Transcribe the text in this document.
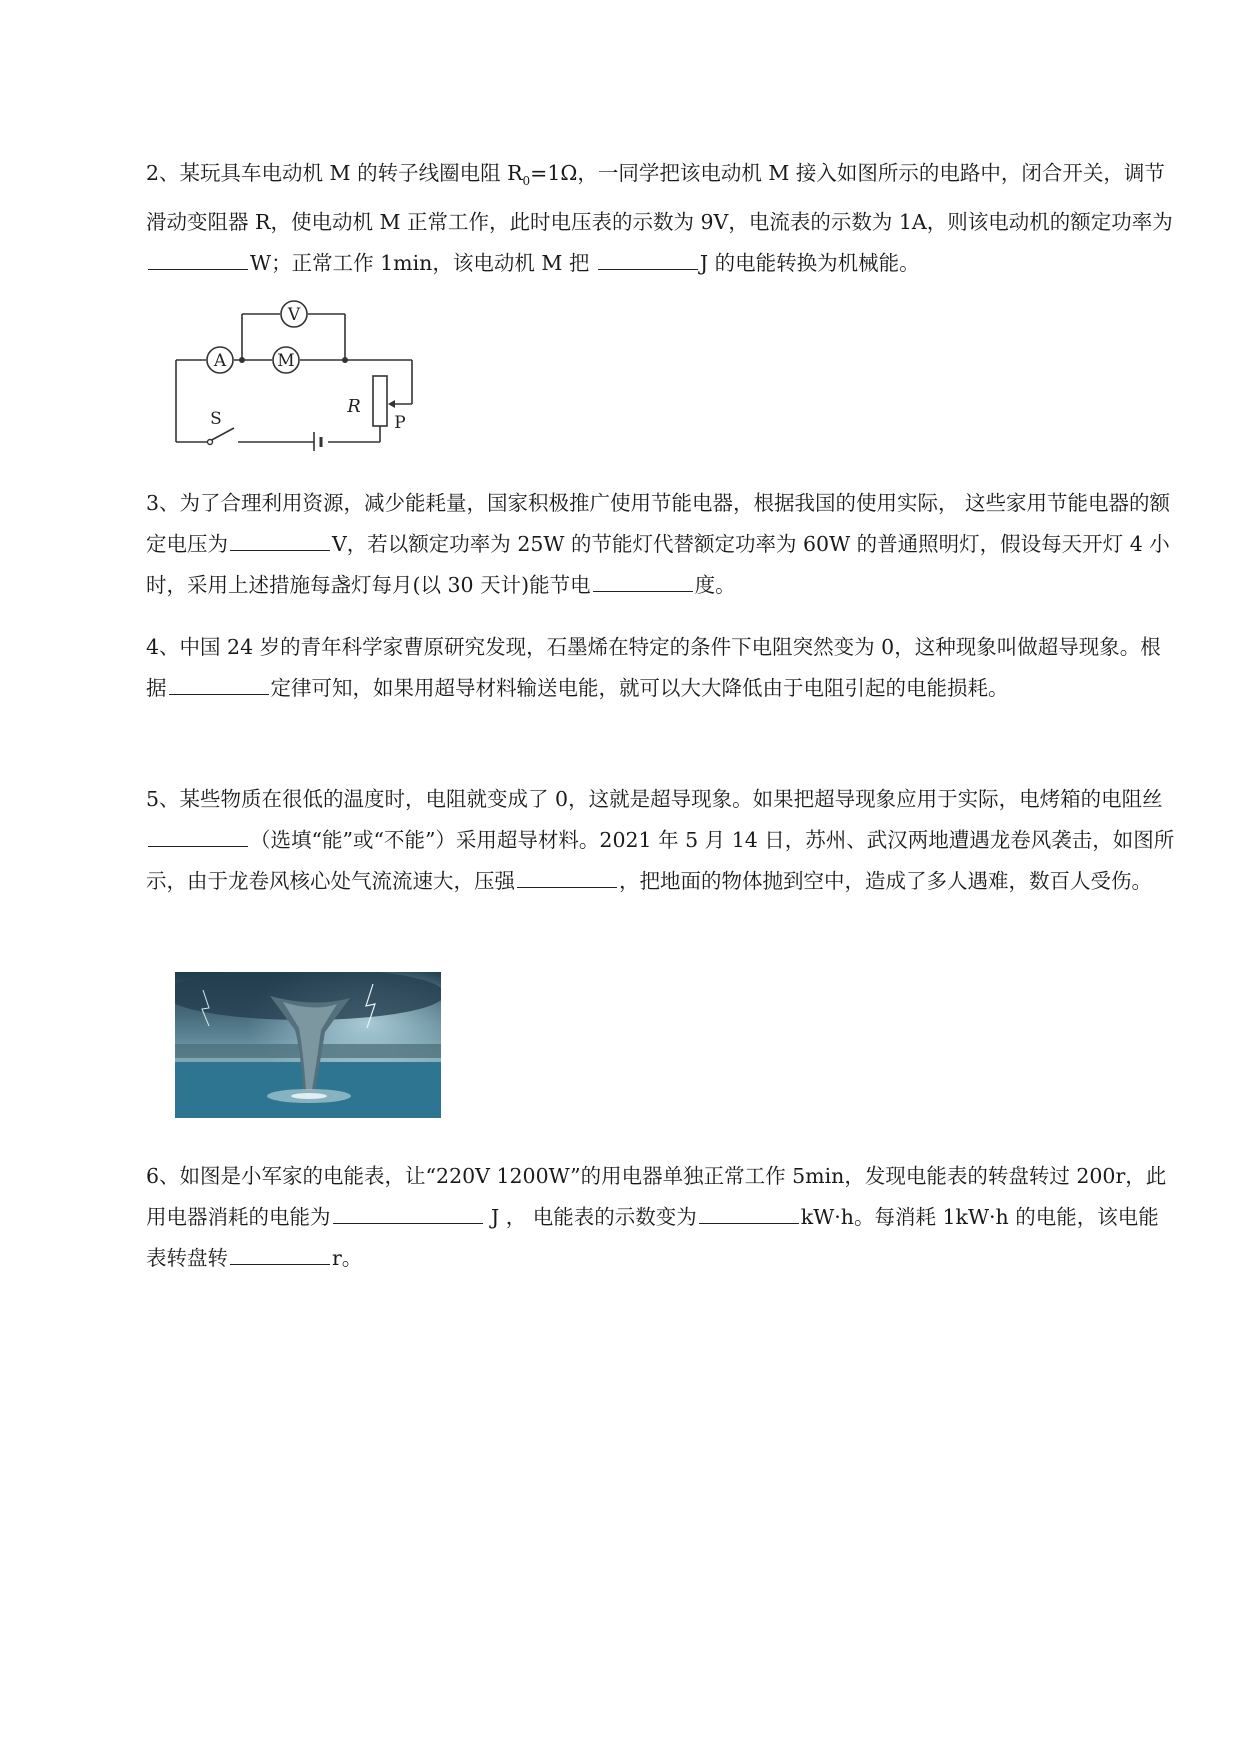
2、某玩具车电动机 M 的转子线圈电阻 $R_0=1\Omega$，一同学把该电动机 M 接入如图所示的电路中，闭合开关，调节滑动变阻器 R，使电动机 M 正常工作，此时电压表的示数为 9V，电流表的示数为 1A，则该电动机的额定功率为 W；正常工作 1min，该电动机 M 把	J 的电能转换为机械能。

A	M
V
R
P
S

3、为了合理利用资源，减少能耗量，国家积极推广使用节能电器，根据我国的使用实际， 这些家用节能电器的额定电压为	V，若以额定功率为 25W 的节能灯代替额定功率为 60W 的普通照明灯，假设每天开灯 4 小时，采用上述措施每盏灯每月(以 30 天计)能节电	度。

4、中国 24 岁的青年科学家曹原研究发现，石墨烯在特定的条件下电阻突然变为 0，这种现象叫做超导现象。根据	定律可知，如果用超导材料输送电能，就可以大大降低由于电阻引起的电能损耗。

5、某些物质在很低的温度时，电阻就变成了 0，这就是超导现象。如果把超导现象应用于实际，电烤箱的电阻丝（选填“能”或“不能”）采用超导材料。2021 年 5 月 14 日，苏州、武汉两地遭遇龙卷风袭击，如图所示，由于龙卷风核心处气流流速大，压强	，把地面的物体抛到空中，造成了多人遇难，数百人受伤。

6、如图是小军家的电能表，让“220V 1200W”的用电器单独正常工作 5min，发现电能表的转盘转过 200r，此用电器消耗的电能为	J ， 电能表的示数变为	kW·h。每消耗 1kW·h 的电能，该电能表转盘转	r。
